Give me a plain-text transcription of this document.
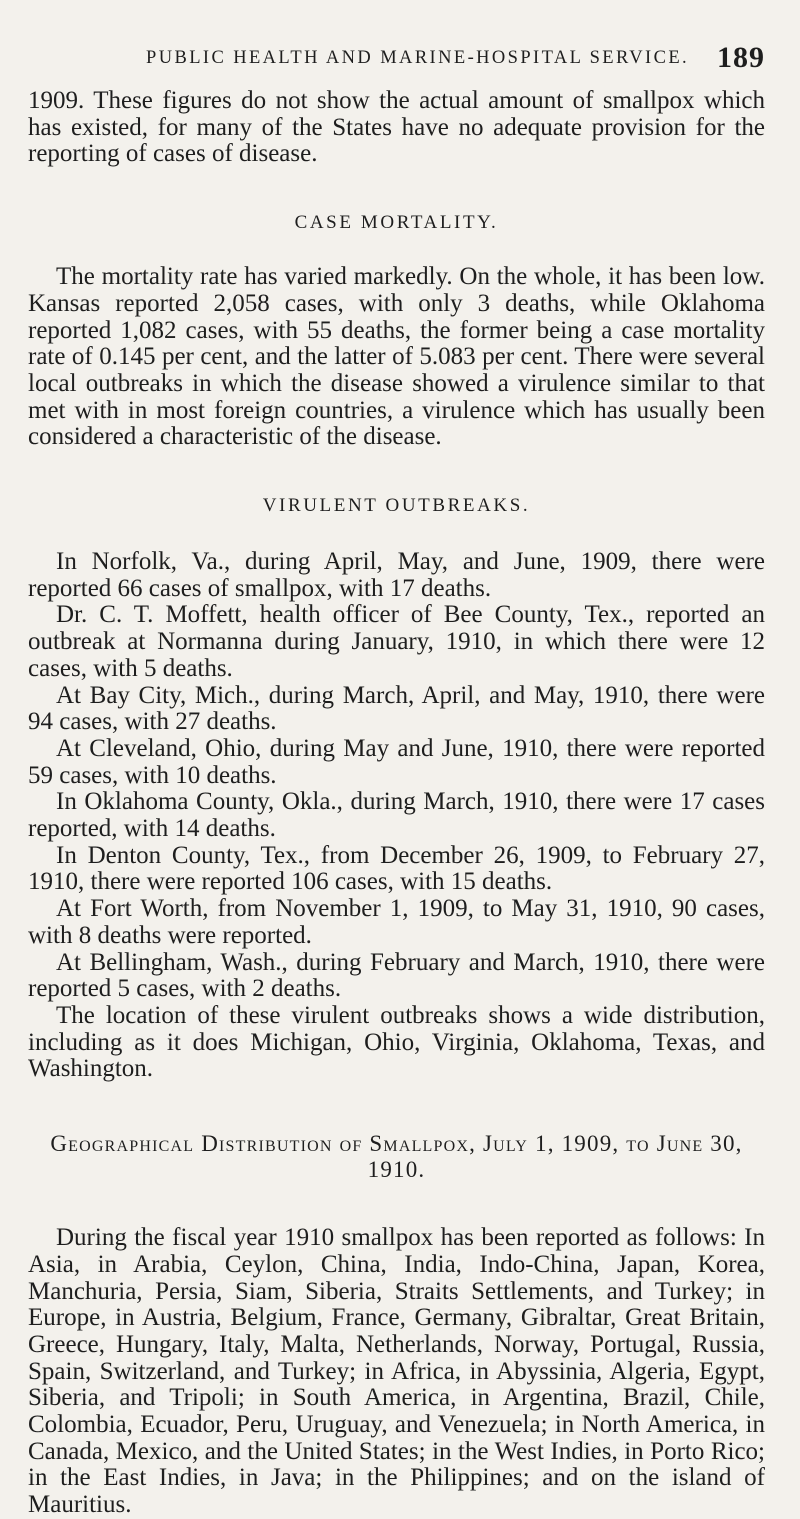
PUBLIC HEALTH AND MARINE-HOSPITAL SERVICE. 189

1909. These figures do not show the actual amount of smallpox which has existed, for many of the States have no adequate provision for the reporting of cases of disease.

CASE MORTALITY.

The mortality rate has varied markedly. On the whole, it has been low. Kansas reported 2,058 cases, with only 3 deaths, while Oklahoma reported 1,082 cases, with 55 deaths, the former being a case mortality rate of 0.145 per cent, and the latter of 5.083 per cent. There were several local outbreaks in which the disease showed a virulence similar to that met with in most foreign countries, a virulence which has usually been considered a characteristic of the disease.

VIRULENT OUTBREAKS.

In Norfolk, Va., during April, May, and June, 1909, there were reported 66 cases of smallpox, with 17 deaths.

Dr. C. T. Moffett, health officer of Bee County, Tex., reported an outbreak at Normanna during January, 1910, in which there were 12 cases, with 5 deaths.

At Bay City, Mich., during March, April, and May, 1910, there were 94 cases, with 27 deaths.

At Cleveland, Ohio, during May and June, 1910, there were reported 59 cases, with 10 deaths.

In Oklahoma County, Okla., during March, 1910, there were 17 cases reported, with 14 deaths.

In Denton County, Tex., from December 26, 1909, to February 27, 1910, there were reported 106 cases, with 15 deaths.

At Fort Worth, from November 1, 1909, to May 31, 1910, 90 cases, with 8 deaths were reported.

At Bellingham, Wash., during February and March, 1910, there were reported 5 cases, with 2 deaths.

The location of these virulent outbreaks shows a wide distribution, including as it does Michigan, Ohio, Virginia, Oklahoma, Texas, and Washington.

Geographical Distribution of Smallpox, July 1, 1909, to June 30,
1910.

During the fiscal year 1910 smallpox has been reported as follows: In Asia, in Arabia, Ceylon, China, India, Indo-China, Japan, Korea, Manchuria, Persia, Siam, Siberia, Straits Settlements, and Turkey; in Europe, in Austria, Belgium, France, Germany, Gibraltar, Great Britain, Greece, Hungary, Italy, Malta, Netherlands, Norway, Portugal, Russia, Spain, Switzerland, and Turkey; in Africa, in Abyssinia, Algeria, Egypt, Siberia, and Tripoli; in South America, in Argentina, Brazil, Chile, Colombia, Ecuador, Peru, Uruguay, and Venezuela; in North America, in Canada, Mexico, and the United States; in the West Indies, in Porto Rico; in the East Indies, in Java; in the Philippines; and on the island of Mauritius.
